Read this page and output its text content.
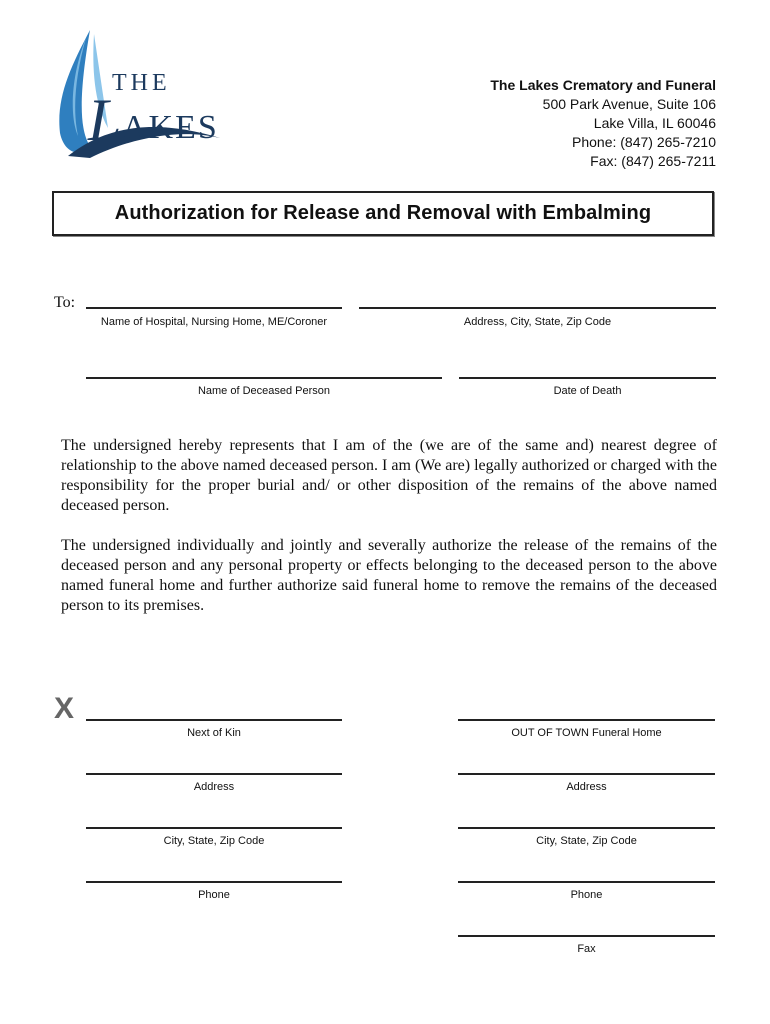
THE
L AKES
The Lakes Crematory and Funeral
500 Park Avenue, Suite 106
Lake Villa, IL 60046
Phone: (847) 265-7210
Fax: (847) 265-7211
Authorization for Release and Removal with Embalming
To:
Name of Hospital, Nursing Home, ME/Coroner	Address, City, State, Zip Code
Name of Deceased Person	Date of Death

The undersigned hereby represents that I am of the (we are of the same and) nearest degree of relationship to the above named deceased person. I am (We are) legally authorized or charged with the responsibility for the proper burial and/ or other disposition of the remains of the above named deceased person.

The undersigned individually and jointly and severally authorize the release of the remains of the deceased person and any personal property or effects belonging to the deceased person to the above named funeral home and further authorize said funeral home to remove the remains of the deceased person to its premises.

X
Next of Kin
Address
City, State, Zip Code
Phone
OUT OF TOWN Funeral Home
Address
City, State, Zip Code
Phone
Fax
